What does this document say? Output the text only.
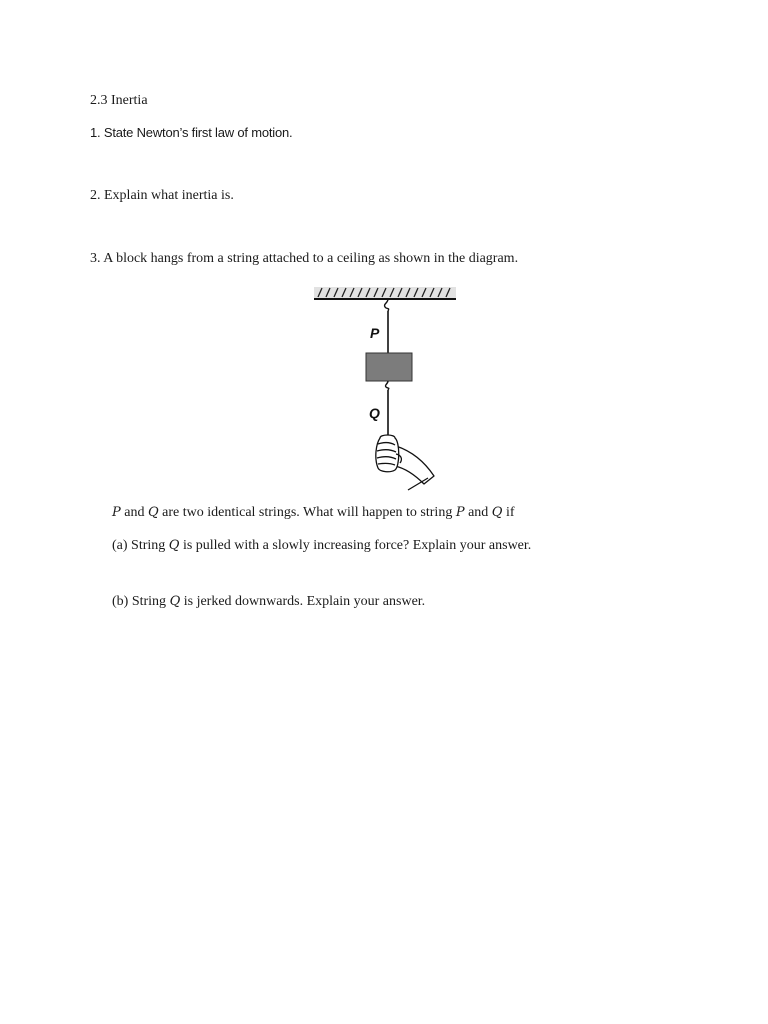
2.3 Inertia
1. State Newton’s first law of motion.
2. Explain what inertia is.
3. A block hangs from a string attached to a ceiling as shown in the diagram.
P
Q
P and Q are two identical strings. What will happen to string P and Q if
(a) String Q is pulled with a slowly increasing force? Explain your answer.
(b) String Q is jerked downwards. Explain your answer.
